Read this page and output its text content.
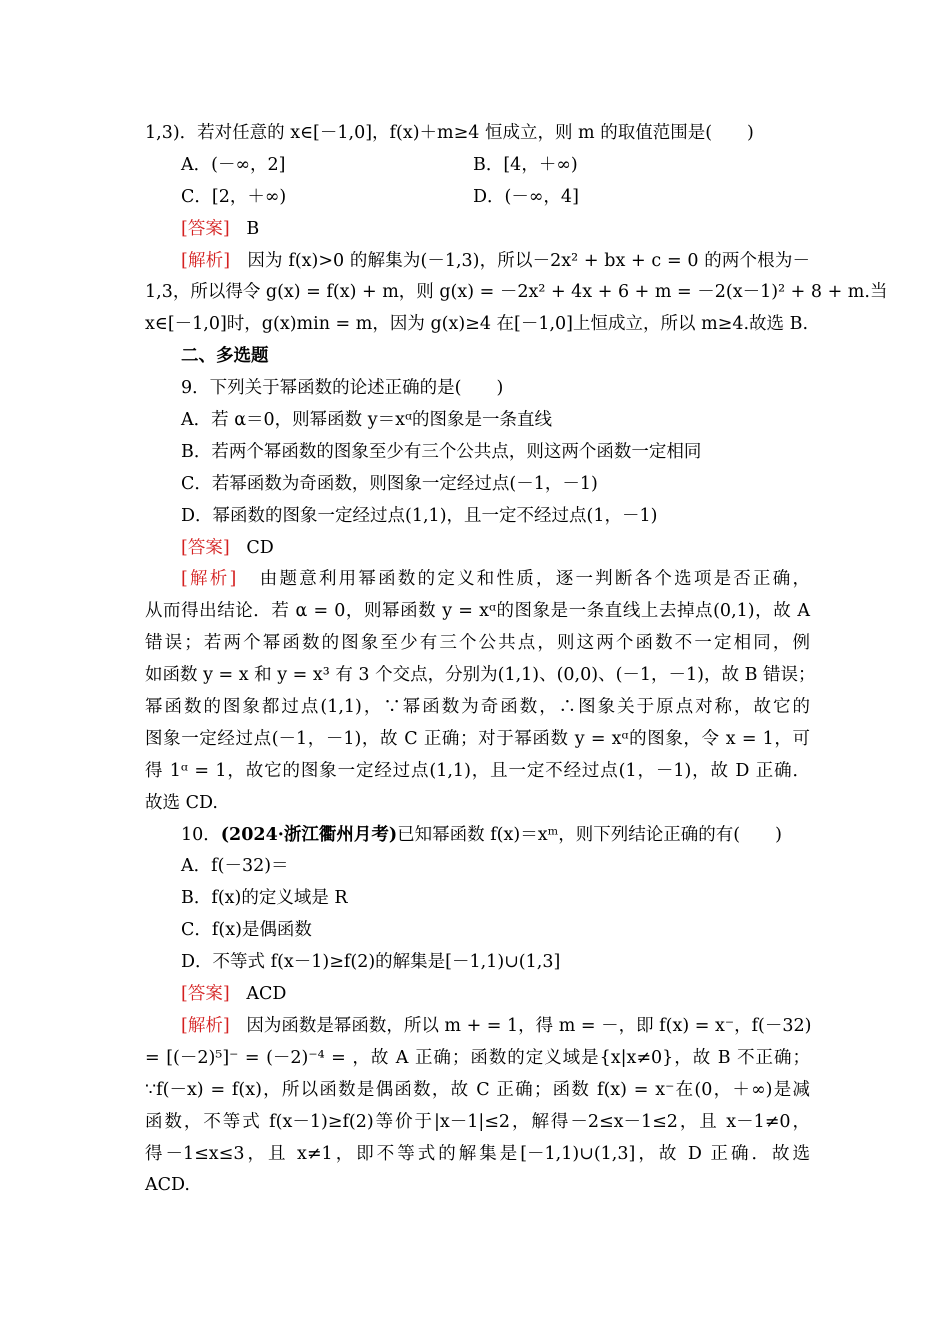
1,3)．若对任意的 x∈[－1,0]，f(x)＋m≥4 恒成立，则 m 的取值范围是(　　)
A．(－∞，2]	B．[4，＋∞)
C．[2，＋∞)	D．(－∞，4]
[答案] B
[解析] 因为 f(x)>0 的解集为(－1,3)，所以－2x² + bx + c = 0 的两个根为－
1,3，所以得令 g(x) = f(x) + m，则 g(x) = －2x² + 4x + 6 + m = －2(x－1)² + 8 + m.当
x∈[－1,0]时，g(x)min = m，因为 g(x)≥4 在[－1,0]上恒成立，所以 m≥4.故选 B.
二、多选题
9．下列关于幂函数的论述正确的是(　　)
A．若 α＝0，则幂函数 y＝xᵅ的图象是一条直线
B．若两个幂函数的图象至少有三个公共点，则这两个函数一定相同
C．若幂函数为奇函数，则图象一定经过点(－1，－1)
D．幂函数的图象一定经过点(1,1)，且一定不经过点(1，－1)
[答案] CD
[解析] 由题意利用幂函数的定义和性质，逐一判断各个选项是否正确，
从而得出结论．若 α = 0，则幂函数 y = xᵅ的图象是一条直线上去掉点(0,1)，故 A
错误；若两个幂函数的图象至少有三个公共点，则这两个函数不一定相同，例
如函数 y = x 和 y = x³ 有 3 个交点，分别为(1,1)、(0,0)、(－1，－1)，故 B 错误；
幂函数的图象都过点(1,1)，∵幂函数为奇函数，∴图象关于原点对称，故它的
图象一定经过点(－1，－1)，故 C 正确；对于幂函数 y = xᵅ的图象，令 x = 1，可
得 1ᵅ = 1，故它的图象一定经过点(1,1)，且一定不经过点(1，－1)，故 D 正确．
故选 CD.
10．(2024·浙江衢州月考)已知幂函数 f(x)＝xᵐ，则下列结论正确的有(　　)
A．f(－32)＝
B．f(x)的定义域是 R
C．f(x)是偶函数
D．不等式 f(x－1)≥f(2)的解集是[－1,1)∪(1,3]
[答案] ACD
[解析] 因为函数是幂函数，所以 m + = 1，得 m = －，即 f(x) = x⁻，f(－32)
= [(－2)⁵]⁻ = (－2)⁻⁴ = ，故 A 正确；函数的定义域是{x|x≠0}，故 B 不正确；
∵f(－x) = f(x)，所以函数是偶函数，故 C 正确；函数 f(x) = x⁻在(0，＋∞)是减
函数，不等式 f(x－1)≥f(2)等价于|x－1|≤2，解得－2≤x－1≤2，且 x－1≠0，
得－1≤x≤3，且 x≠1，即不等式的解集是[－1,1)∪(1,3]，故 D 正确．故选
ACD.
